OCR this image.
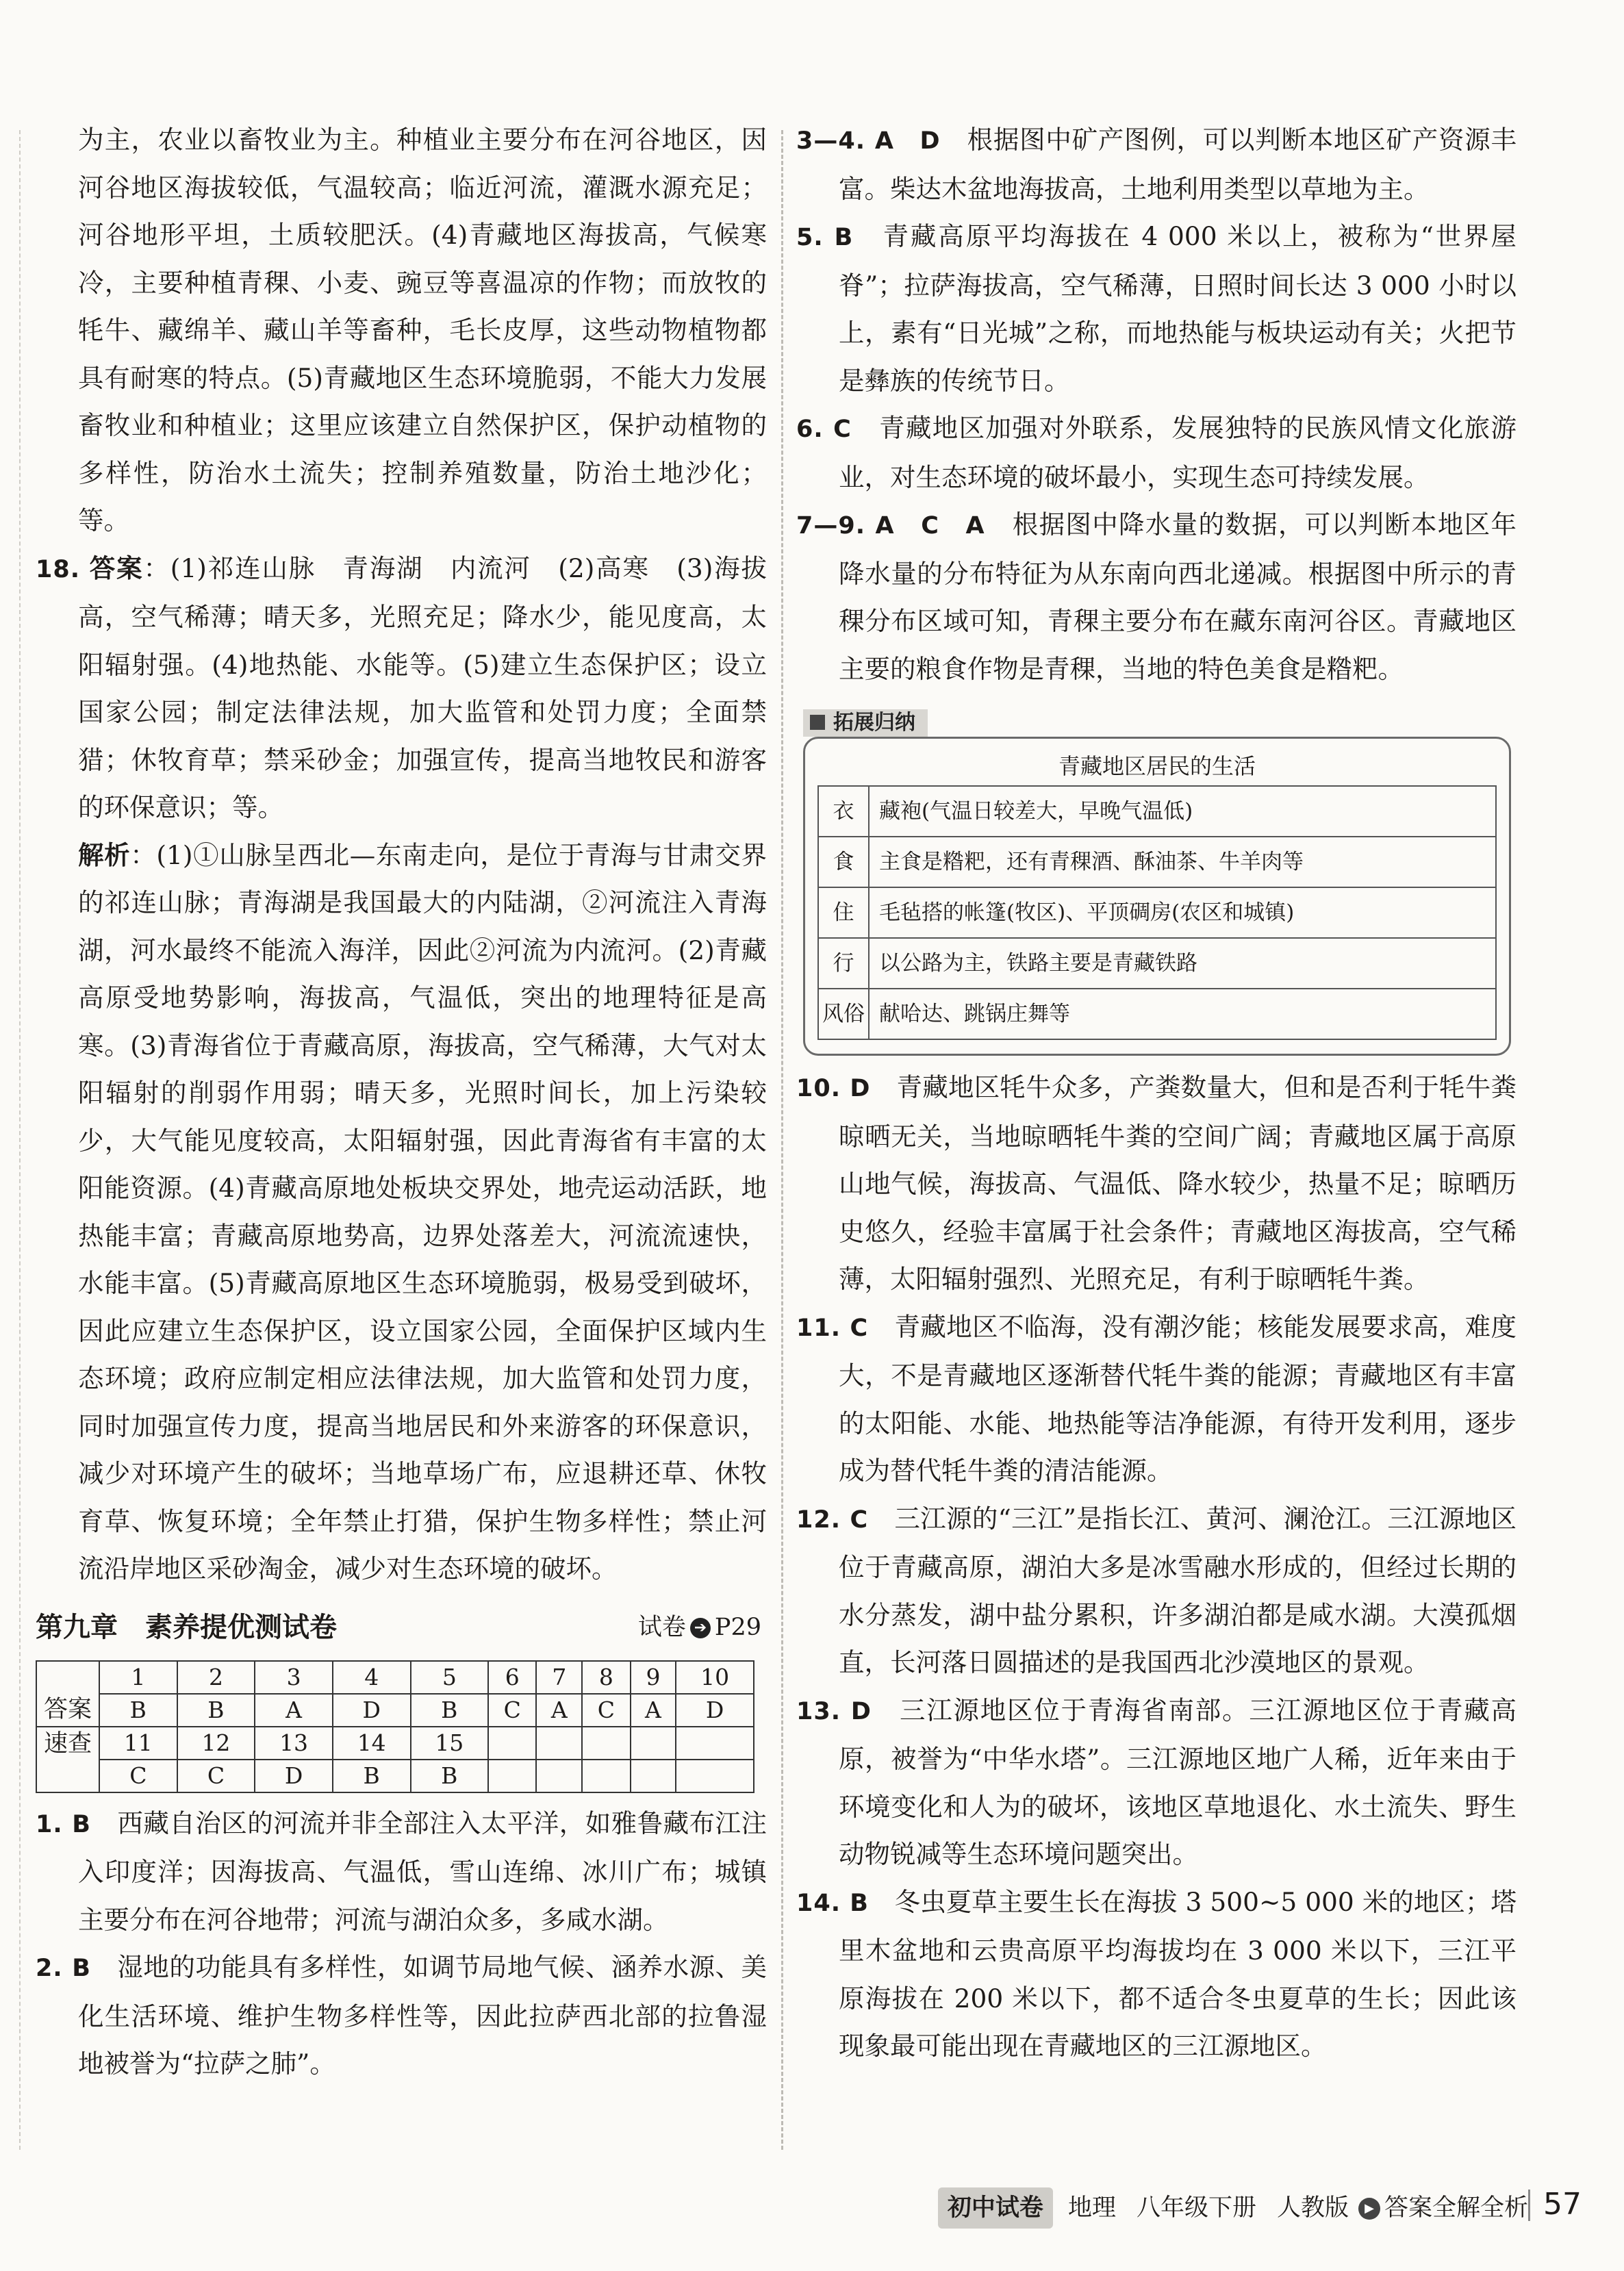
为主，农业以畜牧业为主。种植业主要分布在河谷地区，因河谷地区海拔较低，气温较高；临近河流，灌溉水源充足；河谷地形平坦，土质较肥沃。(4)青藏地区海拔高，气候寒冷，主要种植青稞、小麦、豌豆等喜温凉的作物；而放牧的牦牛、藏绵羊、藏山羊等畜种，毛长皮厚，这些动物植物都具有耐寒的特点。(5)青藏地区生态环境脆弱，不能大力发展畜牧业和种植业；这里应该建立自然保护区，保护动植物的多样性，防治水土流失；控制养殖数量，防治土地沙化；等。

18. 答案：(1)祁连山脉　青海湖　内流河　(2)高寒　(3)海拔高，空气稀薄；晴天多，光照充足；降水少，能见度高，太阳辐射强。(4)地热能、水能等。(5)建立生态保护区；设立国家公园；制定法律法规，加大监管和处罚力度；全面禁猎；休牧育草；禁采砂金；加强宣传，提高当地牧民和游客的环保意识；等。

解析：(1)①山脉呈西北—东南走向，是位于青海与甘肃交界的祁连山脉；青海湖是我国最大的内陆湖，②河流注入青海湖，河水最终不能流入海洋，因此②河流为内流河。(2)青藏高原受地势影响，海拔高，气温低，突出的地理特征是高寒。(3)青海省位于青藏高原，海拔高，空气稀薄，大气对太阳辐射的削弱作用弱；晴天多，光照时间长，加上污染较少，大气能见度较高，太阳辐射强，因此青海省有丰富的太阳能资源。(4)青藏高原地处板块交界处，地壳运动活跃，地热能丰富；青藏高原地势高，边界处落差大，河流流速快，水能丰富。(5)青藏高原地区生态环境脆弱，极易受到破坏，因此应建立生态保护区，设立国家公园，全面保护区域内生态环境；政府应制定相应法律法规，加大监管和处罚力度，同时加强宣传力度，提高当地居民和外来游客的环保意识，减少对环境产生的破坏；当地草场广布，应退耕还草、休牧育草、恢复环境；全年禁止打猎，保护生物多样性；禁止河流沿岸地区采砂淘金，减少对生态环境的破坏。

第九章　素养提优测试卷	试卷 ➔ P29

答案	1	2	3	4	5	6	7	8	9	10
	B	B	A	D	B	C	A	C	A	D
速查	11	12	13	14	15					
	C	C	D	B	B					

1. B　 西藏自治区的河流并非全部注入太平洋，如雅鲁藏布江注入印度洋；因海拔高、气温低，雪山连绵、冰川广布；城镇主要分布在河谷地带；河流与湖泊众多，多咸水湖。

2. B　 湿地的功能具有多样性，如调节局地气候、涵养水源、美化生活环境、维护生物多样性等，因此拉萨西北部的拉鲁湿地被誉为“拉萨之肺”。

3—4. A　D　 根据图中矿产图例，可以判断本地区矿产资源丰富。柴达木盆地海拔高，土地利用类型以草地为主。

5. B　 青藏高原平均海拔在 4 000 米以上，被称为“世界屋脊”；拉萨海拔高，空气稀薄，日照时间长达 3 000 小时以上，素有“日光城”之称，而地热能与板块运动有关；火把节是彝族的传统节日。

6. C　 青藏地区加强对外联系，发展独特的民族风情文化旅游业，对生态环境的破坏最小，实现生态可持续发展。

7—9. A　C　A　 根据图中降水量的数据，可以判断本地区年降水量的分布特征为从东南向西北递减。根据图中所示的青稞分布区域可知，青稞主要分布在藏东南河谷区。青藏地区主要的粮食作物是青稞，当地的特色美食是糌粑。

拓展归纳
青藏地区居民的生活
衣	藏袍(气温日较差大，早晚气温低)
食	主食是糌粑，还有青稞酒、酥油茶、牛羊肉等
住	毛毡搭的帐篷(牧区)、平顶碉房(农区和城镇)
行	以公路为主，铁路主要是青藏铁路
风俗	献哈达、跳锅庄舞等

10. D　 青藏地区牦牛众多，产粪数量大，但和是否利于牦牛粪晾晒无关，当地晾晒牦牛粪的空间广阔；青藏地区属于高原山地气候，海拔高、气温低、降水较少，热量不足；晾晒历史悠久，经验丰富属于社会条件；青藏地区海拔高，空气稀薄，太阳辐射强烈、光照充足，有利于晾晒牦牛粪。

11. C　 青藏地区不临海，没有潮汐能；核能发展要求高，难度大，不是青藏地区逐渐替代牦牛粪的能源；青藏地区有丰富的太阳能、水能、地热能等洁净能源，有待开发利用，逐步成为替代牦牛粪的清洁能源。

12. C　 三江源的“三江”是指长江、黄河、澜沧江。三江源地区位于青藏高原，湖泊大多是冰雪融水形成的，但经过长期的水分蒸发，湖中盐分累积，许多湖泊都是咸水湖。大漠孤烟直，长河落日圆描述的是我国西北沙漠地区的景观。

13. D　 三江源地区位于青海省南部。三江源地区位于青藏高原，被誉为“中华水塔”。三江源地区地广人稀，近年来由于环境变化和人为的破坏，该地区草地退化、水土流失、野生动物锐减等生态环境问题突出。

14. B　 冬虫夏草主要生长在海拔 3 500~5 000 米的地区；塔里木盆地和云贵高原平均海拔均在 3 000 米以下，三江平原海拔在 200 米以下，都不适合冬虫夏草的生长；因此该现象最可能出现在青藏地区的三江源地区。

初中试卷 地理 八年级下册 人教版 ▶ 答案全解全析 57
